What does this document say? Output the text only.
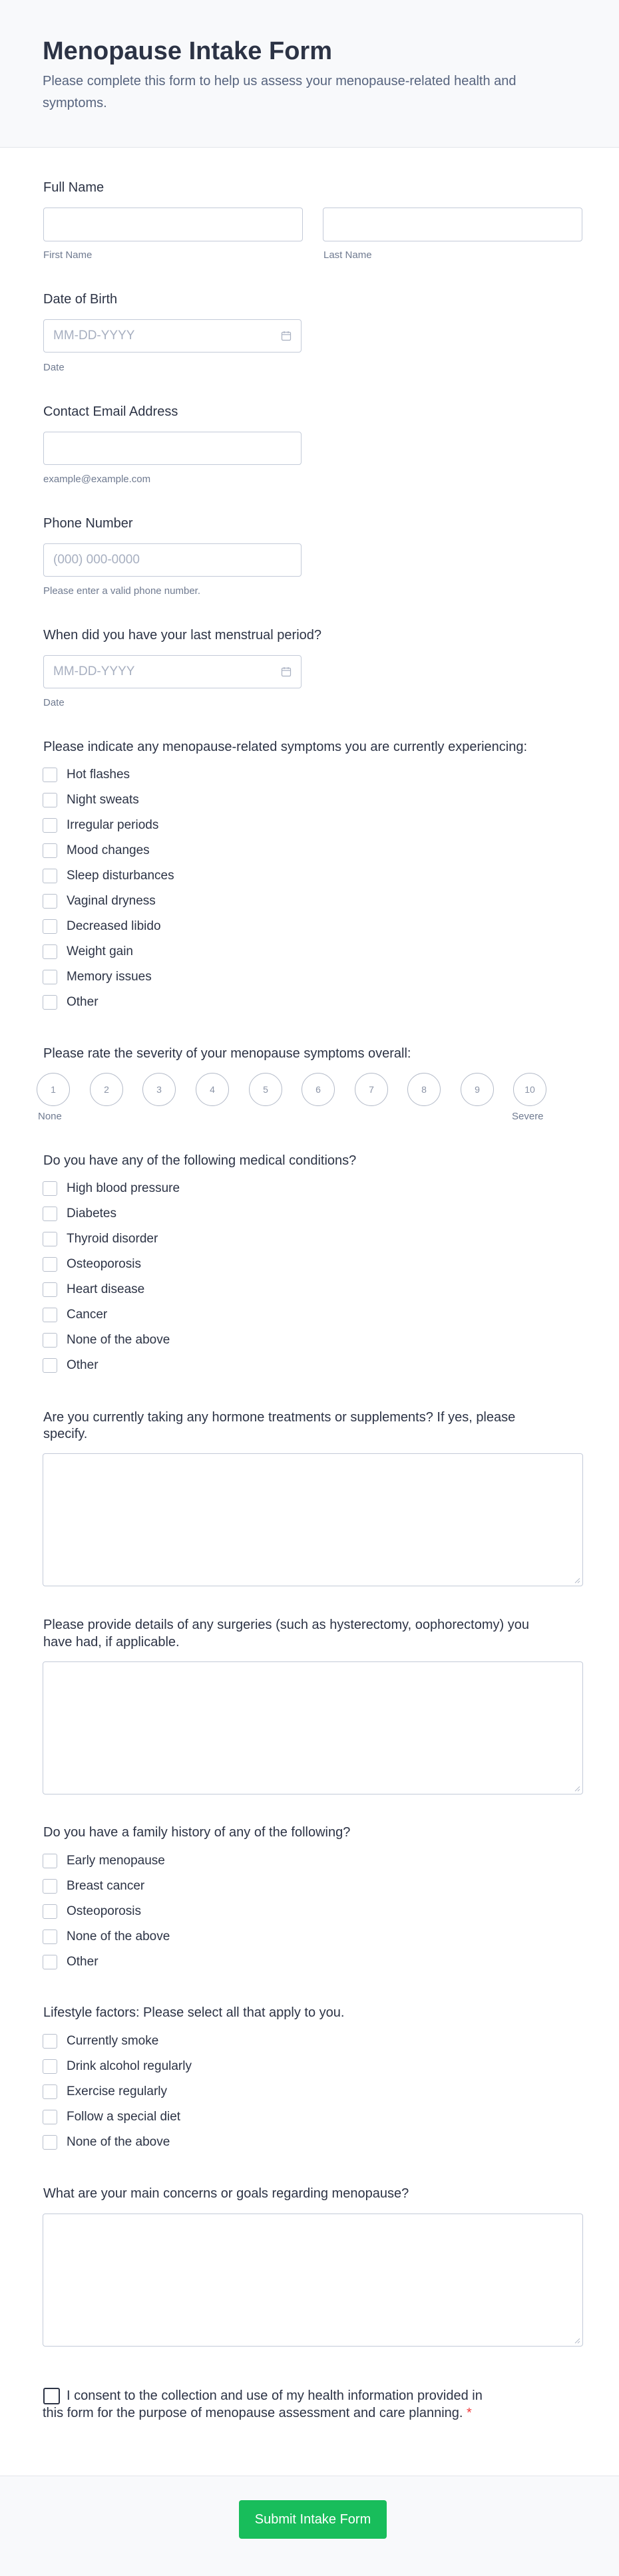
Menopause Intake Form

Please complete this form to help us assess your menopause-related health and symptoms.

Full Name
First Name	Last Name
Date of Birth
MM-DD-YYYY
Date
Contact Email Address
example@example.com
Phone Number
(000) 000-0000
Please enter a valid phone number.
When did you have your last menstrual period?
MM-DD-YYYY
Date
Please indicate any menopause-related symptoms you are currently experiencing:
Hot flashes
Night sweats
Irregular periods
Mood changes
Sleep disturbances
Vaginal dryness
Decreased libido
Weight gain
Memory issues
Other
Please rate the severity of your menopause symptoms overall:
1	2	3	4	5	6	7	8	9	10
None	Severe
Do you have any of the following medical conditions?
High blood pressure
Diabetes
Thyroid disorder
Osteoporosis
Heart disease
Cancer
None of the above
Other
Are you currently taking any hormone treatments or supplements? If yes, please
specify.
Please provide details of any surgeries (such as hysterectomy, oophorectomy) you
have had, if applicable.
Do you have a family history of any of the following?
Early menopause
Breast cancer
Osteoporosis
None of the above
Other
Lifestyle factors: Please select all that apply to you.
Currently smoke
Drink alcohol regularly
Exercise regularly
Follow a special diet
None of the above
What are your main concerns or goals regarding menopause?
I consent to the collection and use of my health information provided in
this form for the purpose of menopause assessment and care planning. *
Submit Intake Form
